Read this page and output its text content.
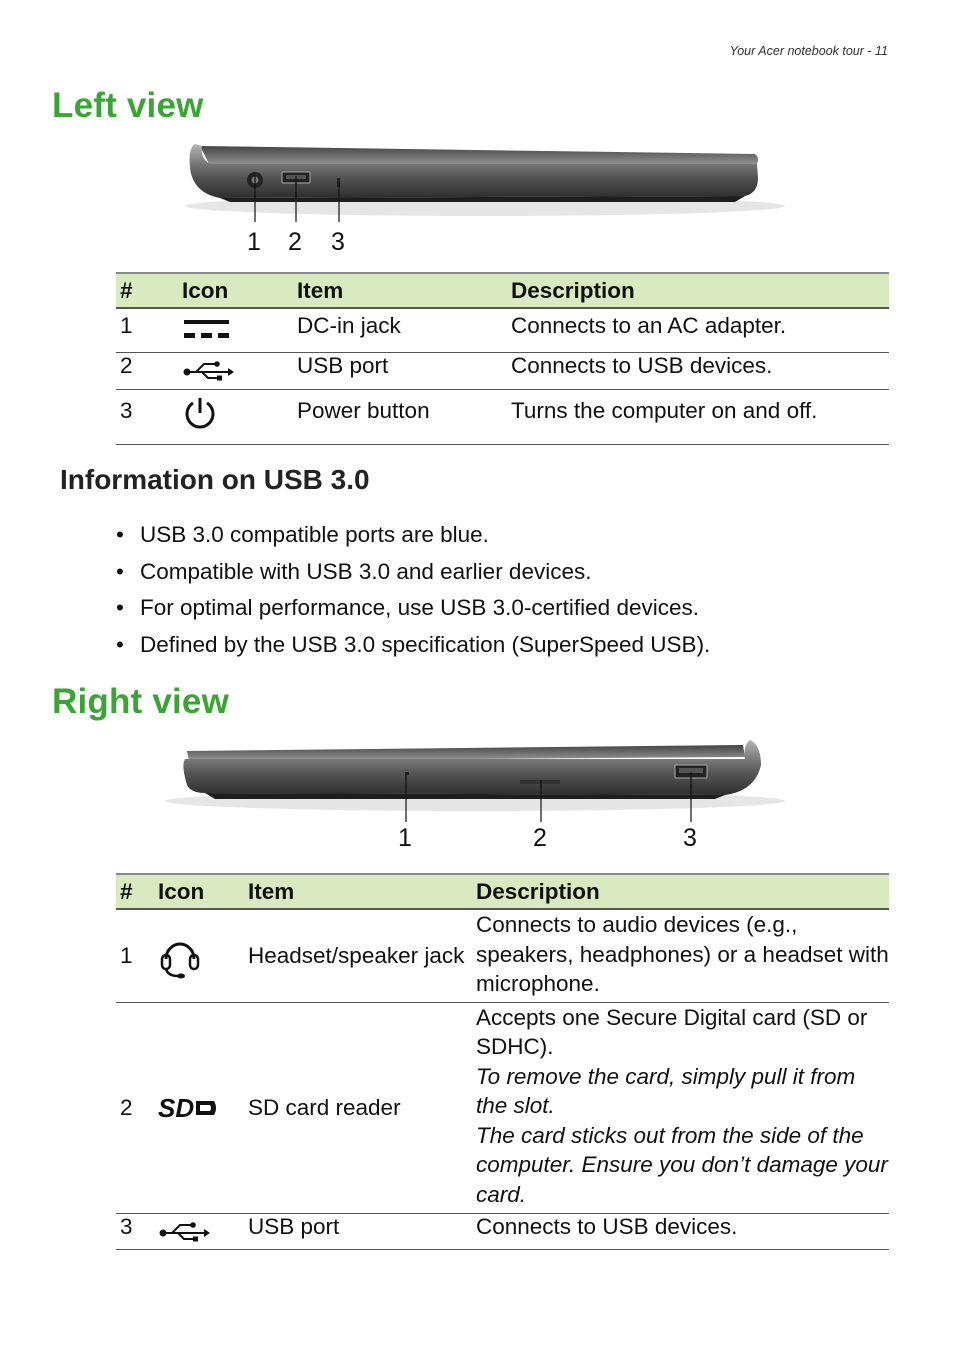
Your Acer notebook tour - 11
Left view
1 2 3
#	Icon	Item	Description
1		DC-in jack	Connects to an AC adapter.
2		USB port	Connects to USB devices.
3		Power button	Turns the computer on and off.
Information on USB 3.0
• USB 3.0 compatible ports are blue.
• Compatible with USB 3.0 and earlier devices.
• For optimal performance, use USB 3.0-certified devices.
• Defined by the USB 3.0 specification (SuperSpeed USB).
Right view
1	2	3
#	Icon	Item	Description
1		Headset/speaker jack	Connects to audio devices (e.g., speakers, headphones) or a headset with microphone.
2	SD	SD card reader	Accepts one Secure Digital card (SD or SDHC).
To remove the card, simply pull it from the slot.
The card sticks out from the side of the computer. Ensure you don’t damage your card.

3		USB port	Connects to USB devices.
